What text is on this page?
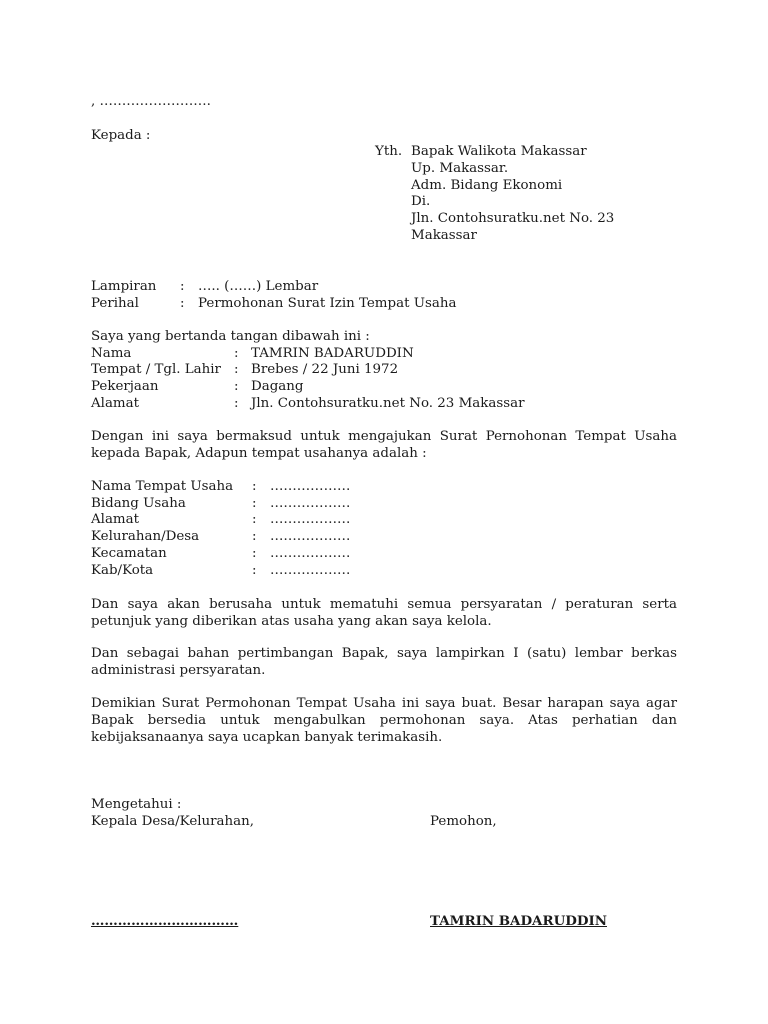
, …………………….
Kepada :
Yth. Bapak Walikota Makassar
Up. Makassar.
Adm. Bidang Ekonomi
Di.
Jln. Contohsuratku.net No. 23
Makassar
Lampiran : ….. (……) Lembar
Perihal	: Permohonan Surat Izin Tempat Usaha
Saya yang bertanda tangan dibawah ini :
Nama	: TAMRIN BADARUDDIN
Tempat / Tgl. Lahir : Brebes / 22 Juni 1972
Pekerjaan	: Dagang
Alamat	: Jln. Contohsuratku.net No. 23 Makassar
Dengan ini saya bermaksud untuk mengajukan Surat Pernohonan Tempat Usaha kepada Bapak, Adapun tempat usahanya adalah :
Nama Tempat Usaha : ………………
Bidang Usaha	: ………………
Alamat	: ………………
Kelurahan/Desa	: ………………
Kecamatan	: ………………
Kab/Kota	: ………………
Dan saya akan berusaha untuk mematuhi semua persyaratan / peraturan serta petunjuk yang diberikan atas usaha yang akan saya kelola.
Dan sebagai bahan pertimbangan Bapak, saya lampirkan I (satu) lembar berkas administrasi persyaratan.
Demikian Surat Permohonan Tempat Usaha ini saya buat. Besar harapan saya agar Bapak bersedia untuk mengabulkan permohonan saya. Atas perhatian dan kebijaksanaanya saya ucapkan banyak terimakasih.
Mengetahui :
Kepala Desa/Kelurahan,	Pemohon,
……………………………	TAMRIN BADARUDDIN
